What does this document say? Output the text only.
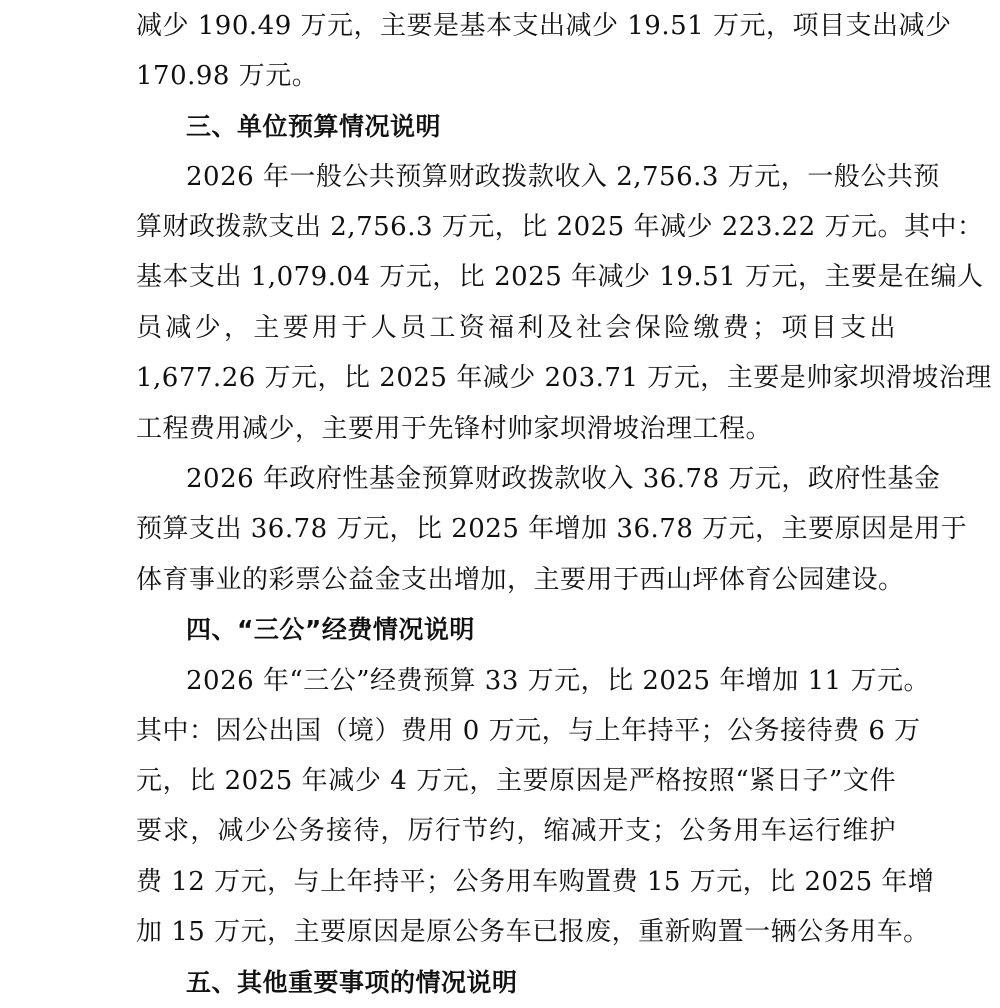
减少 190.49 万元，主要是基本支出减少 19.51 万元，项目支出减少
170.98 万元。
三、单位预算情况说明
2026 年一般公共预算财政拨款收入 2,756.3 万元，一般公共预
算财政拨款支出 2,756.3 万元，比 2025 年减少 223.22 万元。其中：
基本支出 1,079.04 万元，比 2025 年减少 19.51 万元，主要是在编人
员减少，主要用于人员工资福利及社会保险缴费；项目支出
1,677.26 万元，比 2025 年减少 203.71 万元，主要是帅家坝滑坡治理
工程费用减少，主要用于先锋村帅家坝滑坡治理工程。
2026 年政府性基金预算财政拨款收入 36.78 万元，政府性基金
预算支出 36.78 万元，比 2025 年增加 36.78 万元，主要原因是用于
体育事业的彩票公益金支出增加，主要用于西山坪体育公园建设。
四、“三公”经费情况说明
2026 年“三公”经费预算 33 万元，比 2025 年增加 11 万元。
其中：因公出国（境）费用 0 万元，与上年持平；公务接待费 6 万
元，比 2025 年减少 4 万元，主要原因是严格按照“紧日子”文件
要求，减少公务接待，厉行节约，缩减开支；公务用车运行维护
费 12 万元，与上年持平；公务用车购置费 15 万元，比 2025 年增
加 15 万元，主要原因是原公务车已报废，重新购置一辆公务用车。
五、其他重要事项的情况说明
